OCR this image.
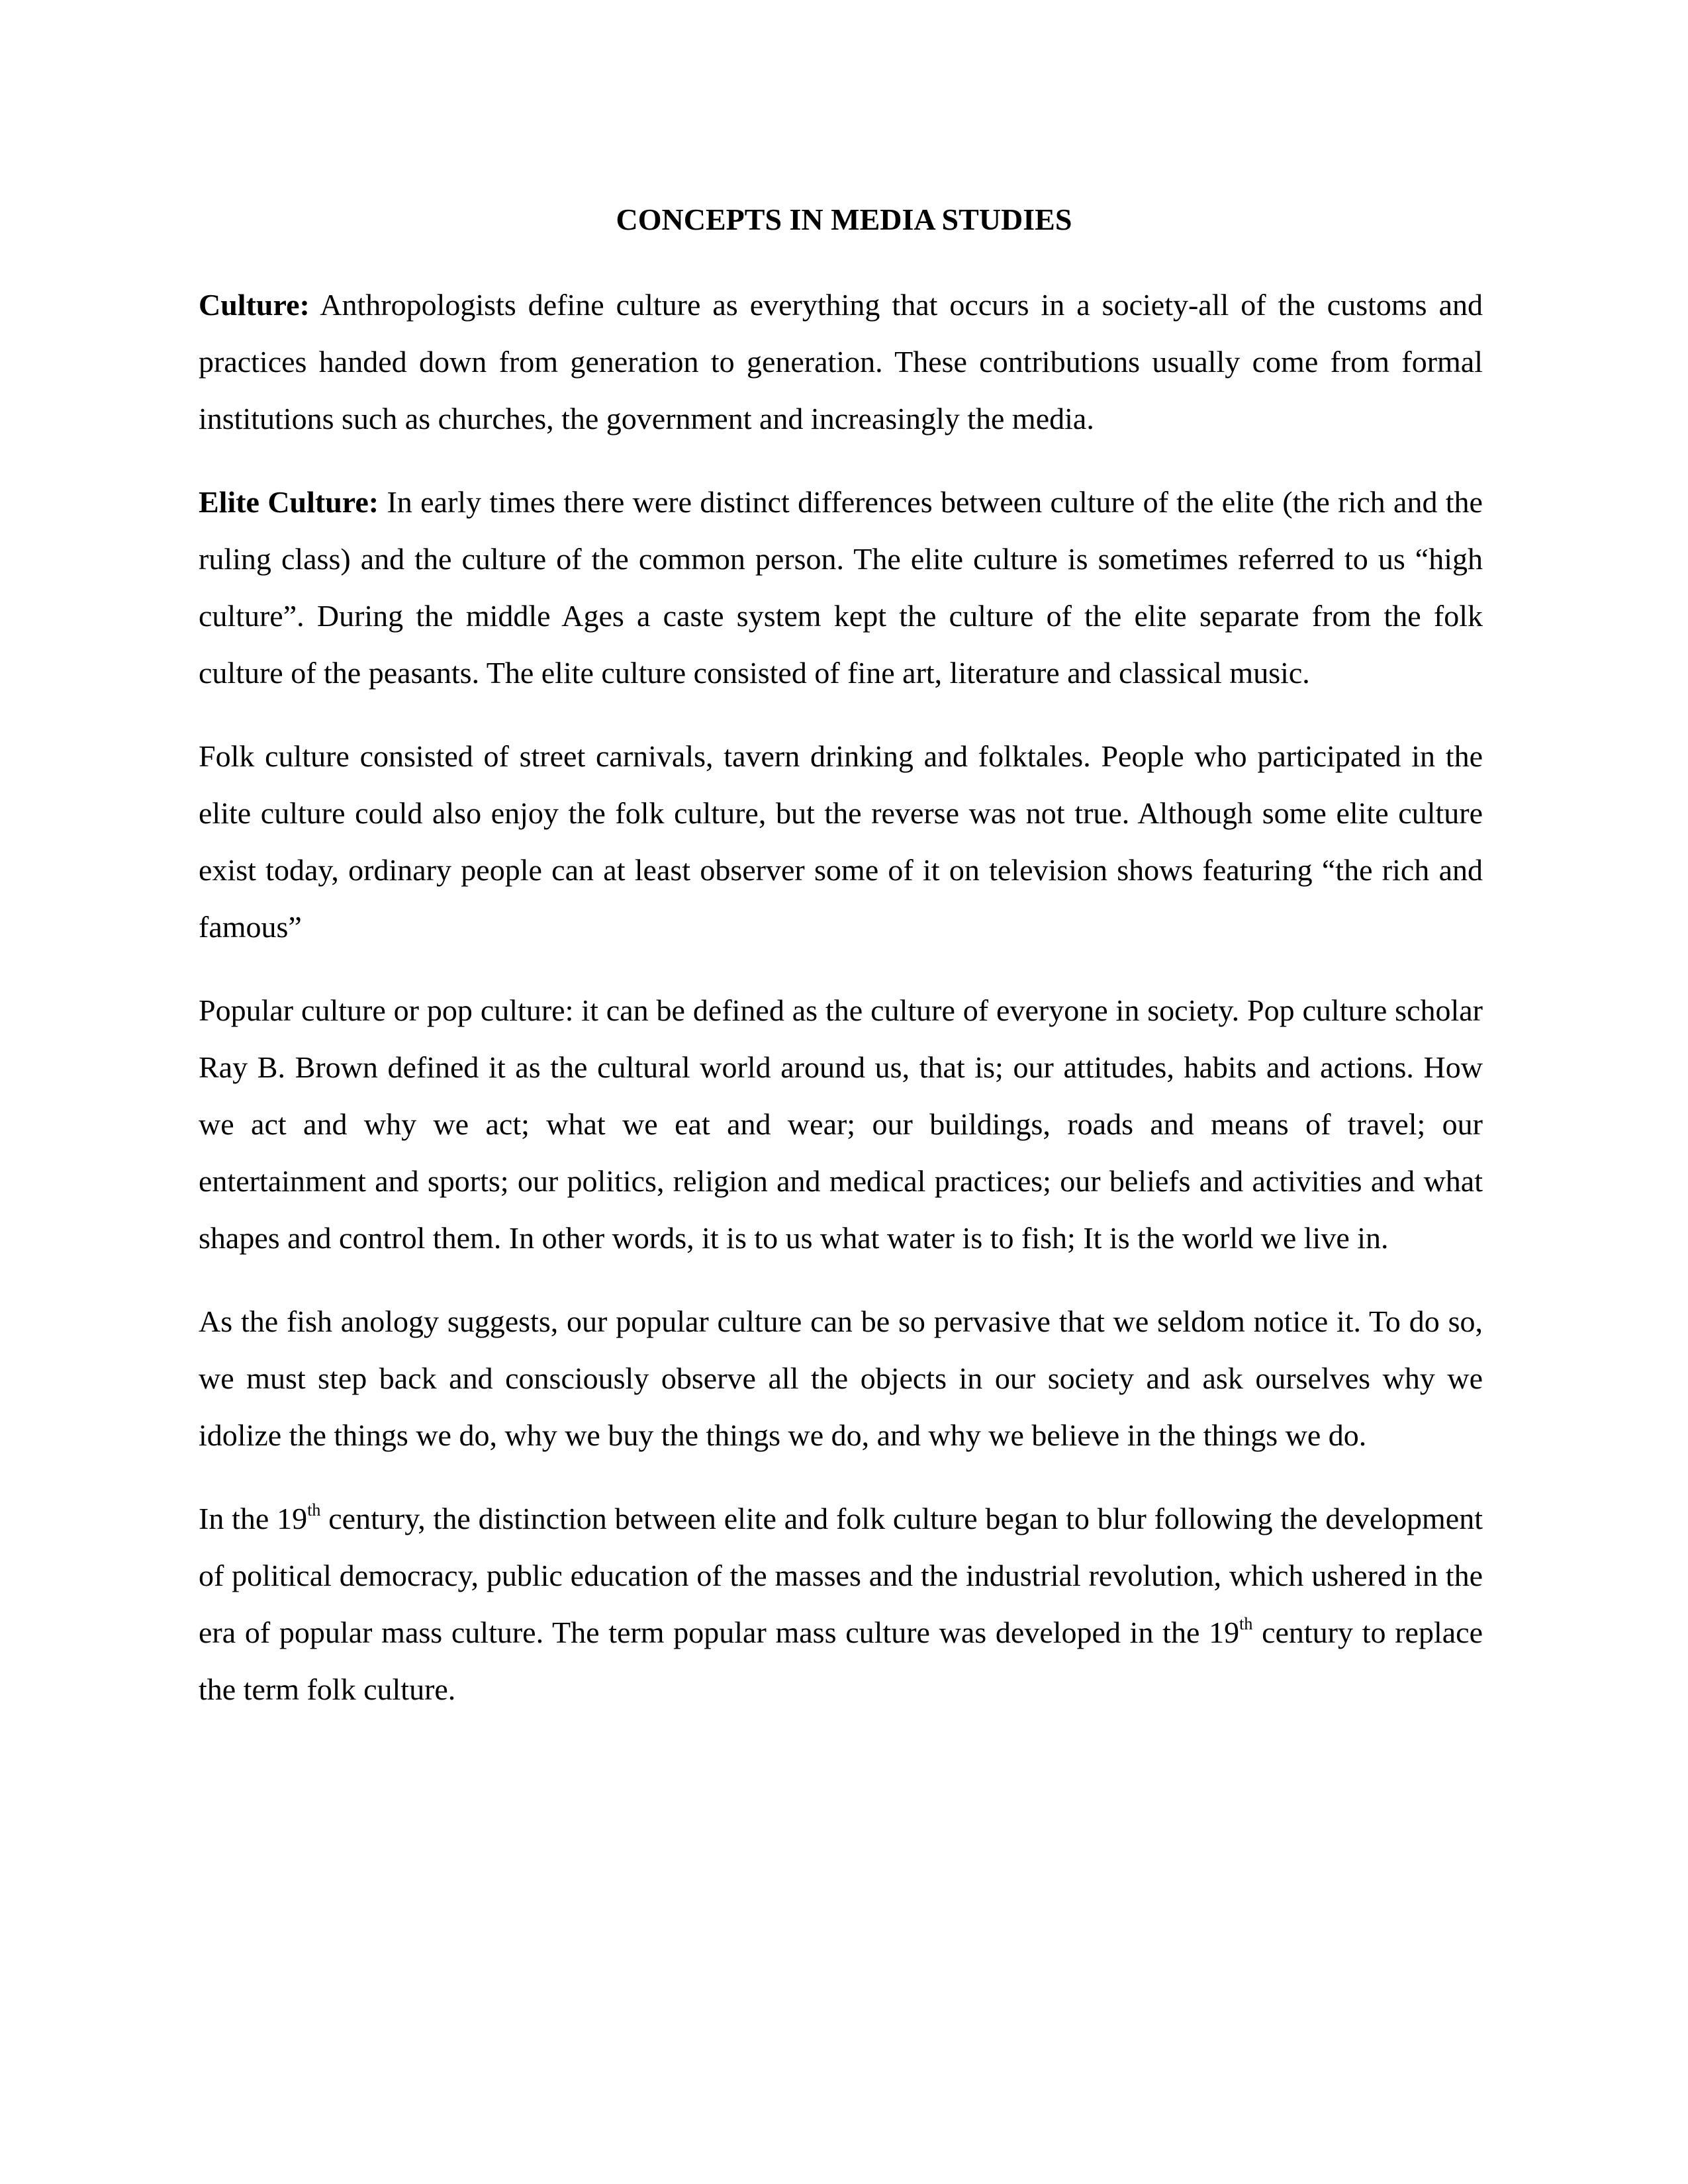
CONCEPTS IN MEDIA STUDIES

Culture: Anthropologists define culture as everything that occurs in a society-all of the customs and practices handed down from generation to generation. These contributions usually come from formal institutions such as churches, the government and increasingly the media.

Elite Culture: In early times there were distinct differences between culture of the elite (the rich and the ruling class) and the culture of the common person. The elite culture is sometimes referred to us “high culture”. During the middle Ages a caste system kept the culture of the elite separate from the folk culture of the peasants. The elite culture consisted of fine art, literature and classical music.

Folk culture consisted of street carnivals, tavern drinking and folktales. People who participated in the elite culture could also enjoy the folk culture, but the reverse was not true. Although some elite culture exist today, ordinary people can at least observer some of it on television shows featuring “the rich and famous”

Popular culture or pop culture: it can be defined as the culture of everyone in society. Pop culture scholar Ray B. Brown defined it as the cultural world around us, that is; our attitudes, habits and actions. How we act and why we act; what we eat and wear; our buildings, roads and means of travel; our entertainment and sports; our politics, religion and medical practices; our beliefs and activities and what shapes and control them. In other words, it is to us what water is to fish; It is the world we live in.

As the fish anology suggests, our popular culture can be so pervasive that we seldom notice it. To do so, we must step back and consciously observe all the objects in our society and ask ourselves why we idolize the things we do, why we buy the things we do, and why we believe in the things we do.

In the 19th century, the distinction between elite and folk culture began to blur following the development of political democracy, public education of the masses and the industrial revolution, which ushered in the era of popular mass culture. The term popular mass culture was developed in the 19th century to replace the term folk culture.
